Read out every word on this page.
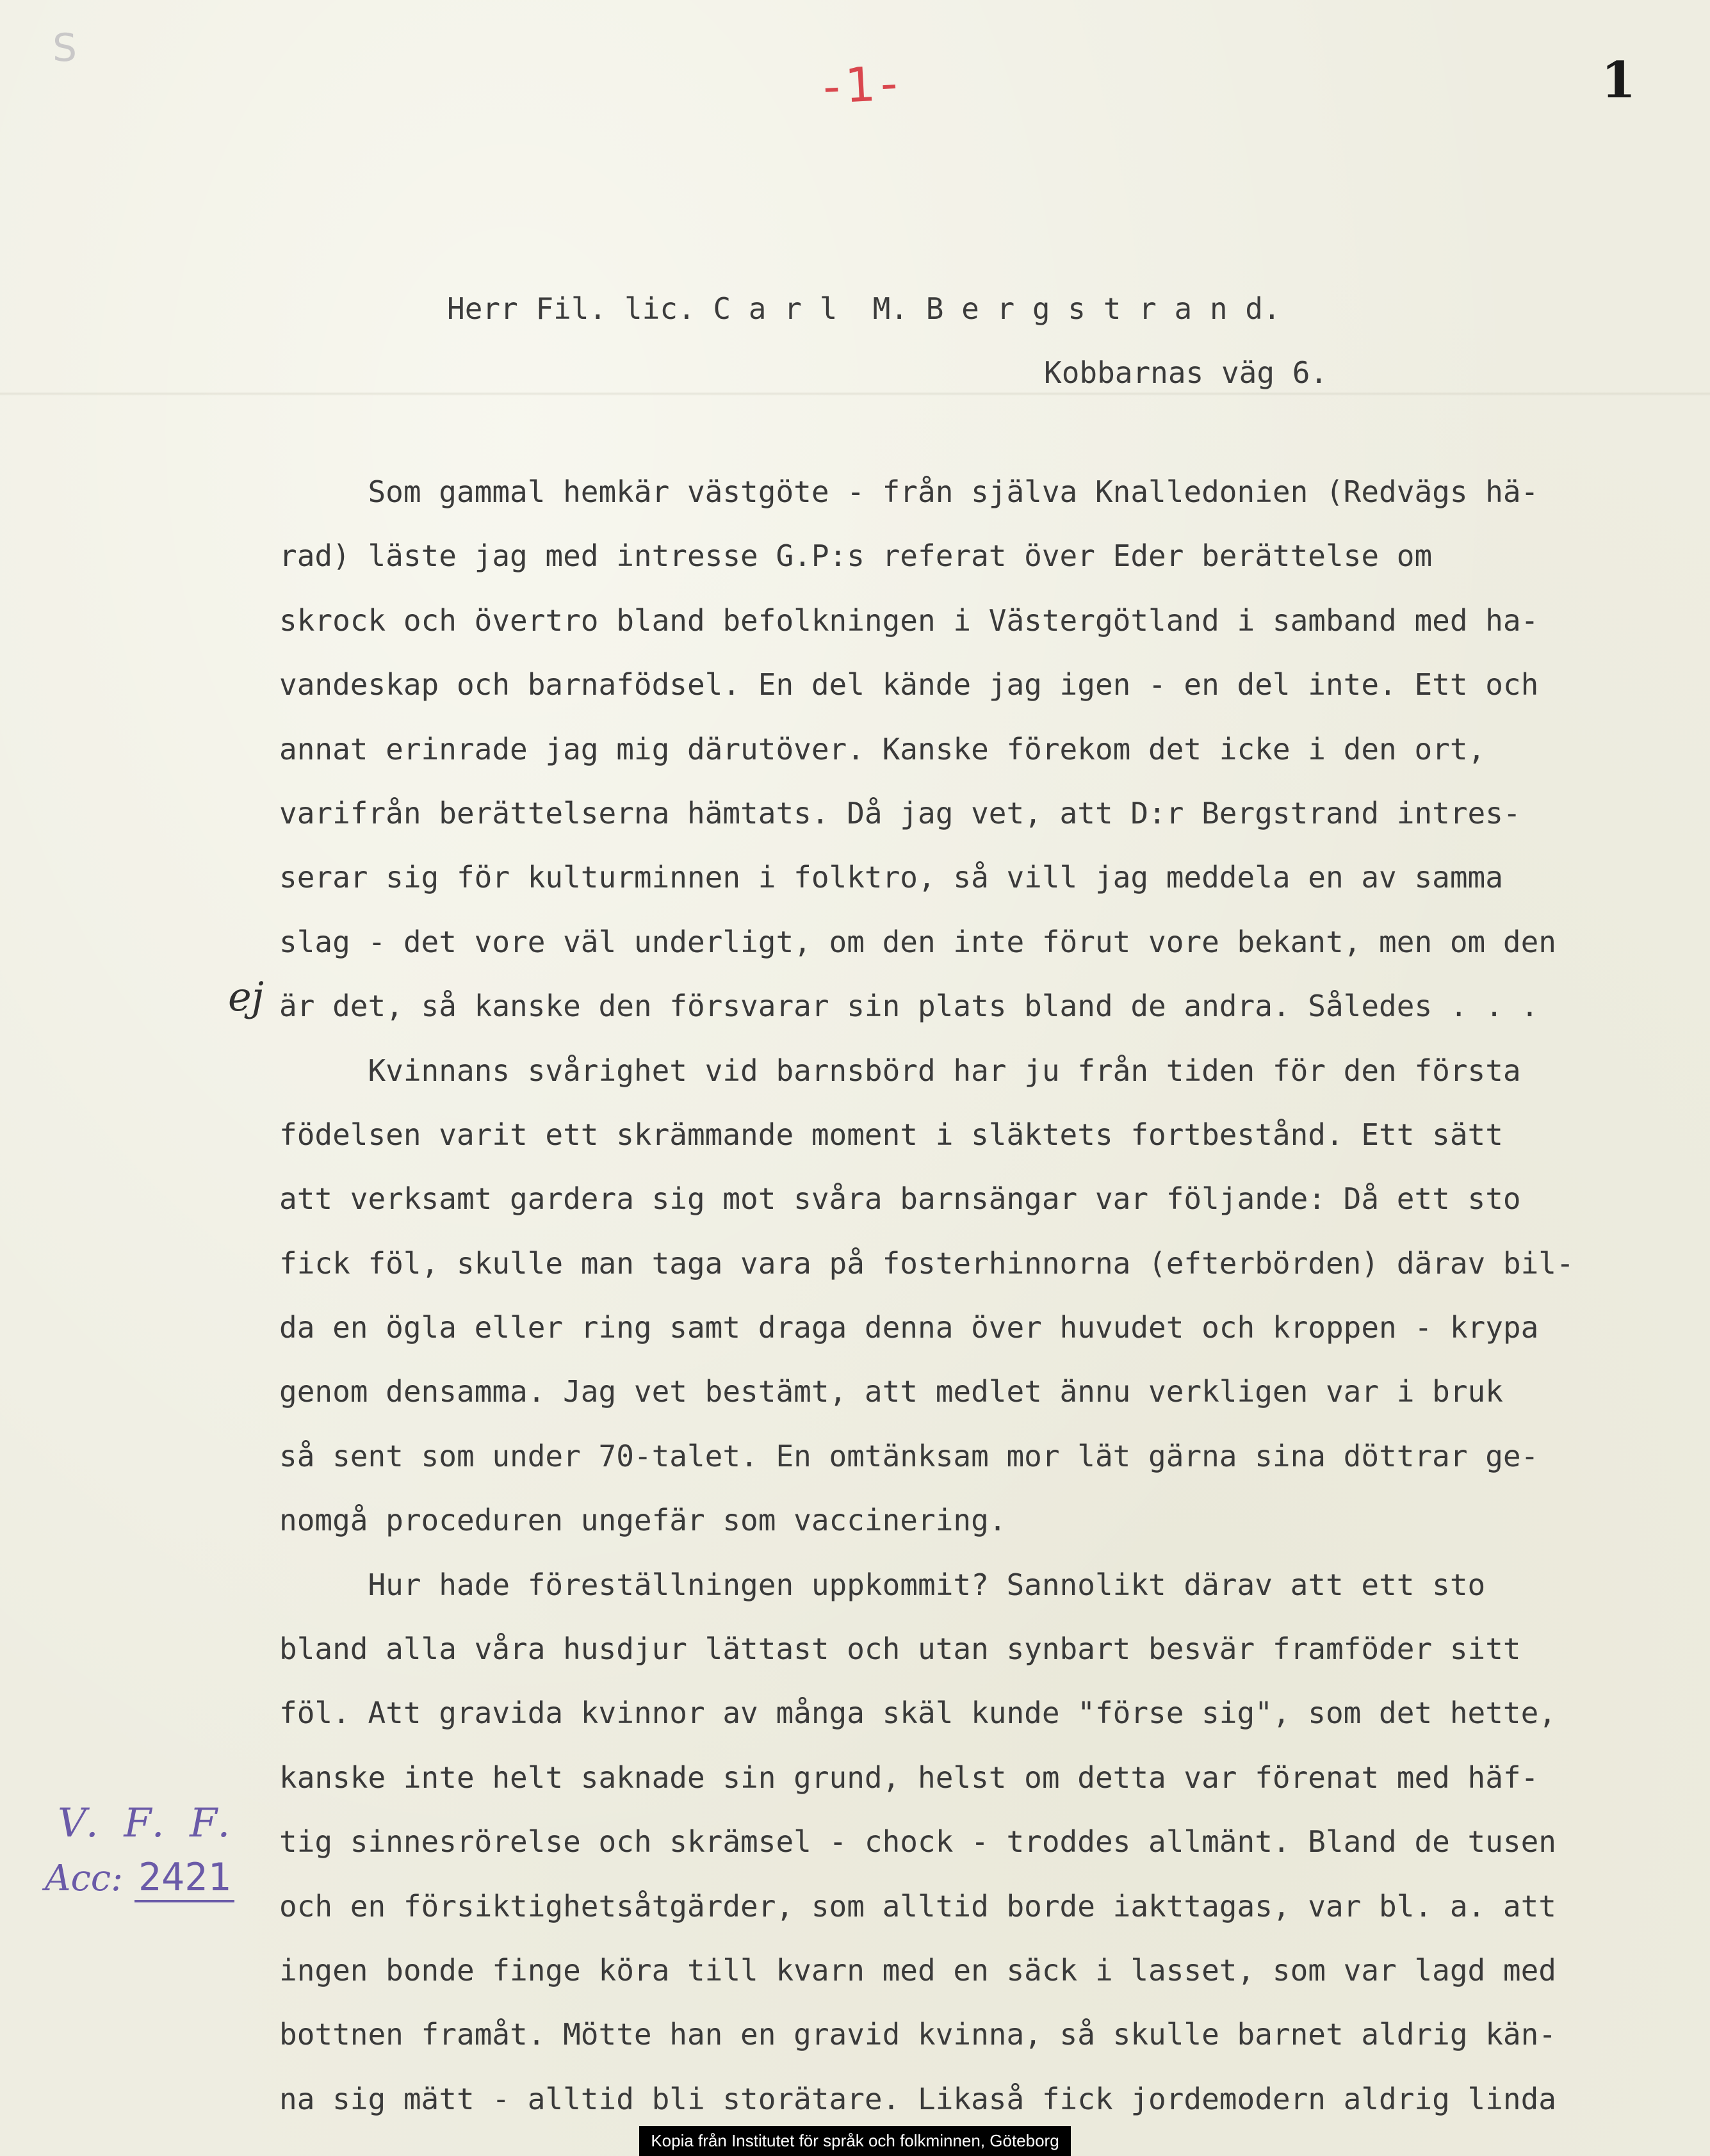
S
-1-	1
Herr Fil. lic. C a r l  M. B e r g s t r a n d.
Kobbarnas väg 6.
ej
Som gammal hemkär västgöte - från själva Knalledonien (Redvägs hä-
rad) läste jag med intresse G.P:s referat över Eder berättelse om
skrock och övertro bland befolkningen i Västergötland i samband med ha-
vandeskap och barnafödsel. En del kände jag igen - en del inte. Ett och
annat erinrade jag mig därutöver. Kanske förekom det icke i den ort,
varifrån berättelserna hämtats. Då jag vet, att D:r Bergstrand intres-
serar sig för kulturminnen i folktro, så vill jag meddela en av samma
slag - det vore väl underligt, om den inte förut vore bekant, men om den
är det, så kanske den försvarar sin plats bland de andra. Således . . .
Kvinnans svårighet vid barnsbörd har ju från tiden för den första
födelsen varit ett skrämmande moment i släktets fortbestånd. Ett sätt
att verksamt gardera sig mot svåra barnsängar var följande: Då ett sto
fick föl, skulle man taga vara på fosterhinnorna (efterbörden) därav bil-
da en ögla eller ring samt draga denna över huvudet och kroppen - krypa
genom densamma. Jag vet bestämt, att medlet ännu verkligen var i bruk
så sent som under 70-talet. En omtänksam mor lät gärna sina döttrar ge-
nomgå proceduren ungefär som vaccinering.
Hur hade föreställningen uppkommit? Sannolikt därav att ett sto
bland alla våra husdjur lättast och utan synbart besvär framföder sitt
föl. Att gravida kvinnor av många skäl kunde "förse sig", som det hette,
kanske inte helt saknade sin grund, helst om detta var förenat med häf-
tig sinnesrörelse och skrämsel - chock - troddes allmänt. Bland de tusen
och en försiktighetsåtgärder, som alltid borde iakttagas, var bl. a. att
ingen bonde finge köra till kvarn med en säck i lasset, som var lagd med
bottnen framåt. Mötte han en gravid kvinna, så skulle barnet aldrig kän-
na sig mätt - alltid bli storätare. Likaså fick jordemodern aldrig linda
V. F. F.
Acc: 2421
Kopia från Institutet för språk och folkminnen, Göteborg
